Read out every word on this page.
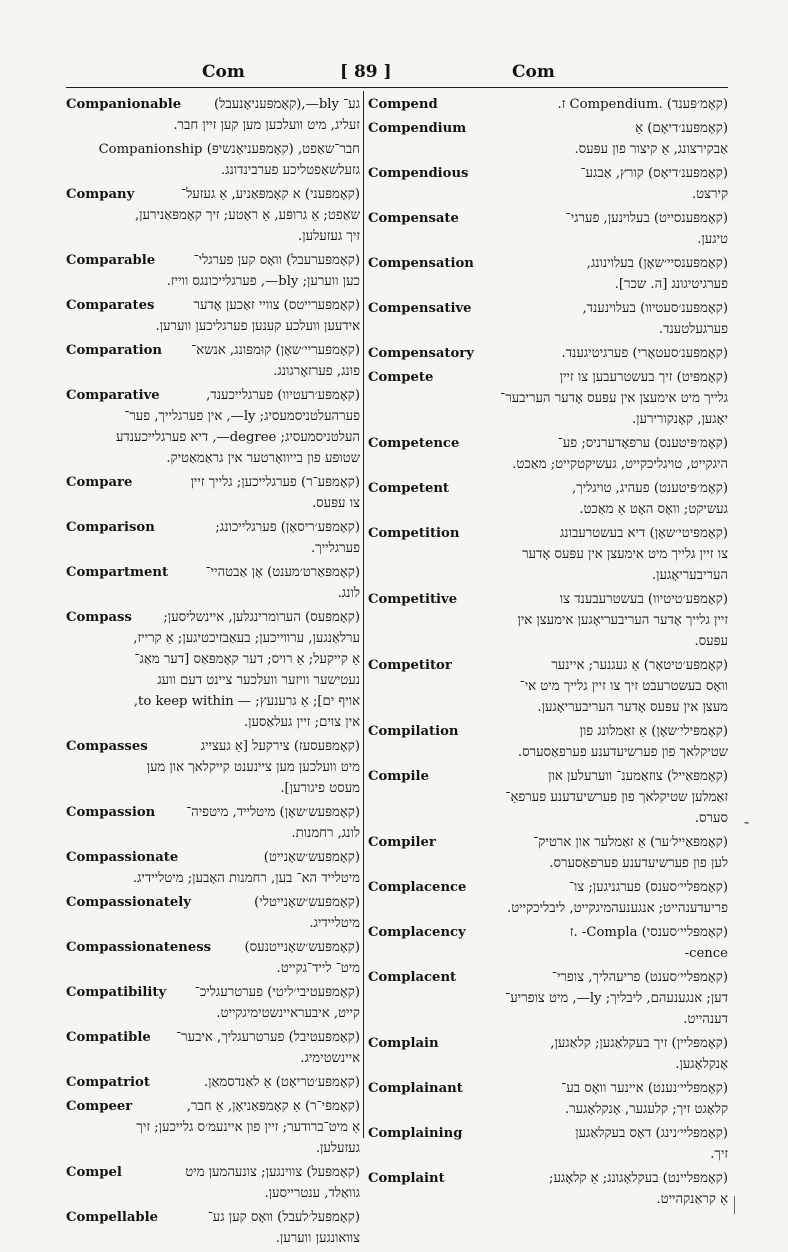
Com	[ 89 ]	Com
Companionable גע־ bly—,(קאָמפּעניאָנעבל)
זעליג, מיט וועלכען מען קען זיין חבר.
חבר־שאַפט, (קאָמפּעניאָנשיפּ) Companionship
גזעלשאַפטליכע פערבינדונג.
Company	(קאָמפּעני) א קאָמפּאַניע, אַ געזעל־
שאַפט; אַ גרופּע, אַ ראָטע; זיך קאָמפּאַנירען,
זיך געזעלען.
Comparable	(קאָמפּערעבל) וואָס קען פערגלי־
כען ווערען; bly—, פערגלייכונגס ווייז.
Comparates	(קאָמפּערייטס) צוויי זאַכען אָדער
אידעען וועלכע קענען פערגליכען ווערען.
Comparation (קאָמפּעריי׳שאָן) קוּמפּונג, אנשא־
פונג, פערזאָרגונג.
Comparative	(קאָמפּע׳רעטיוו) פערגלייכענד,
פערהעלטניסמעסיג; ly—, אין פערגלייך, פער־
העלטניסמעסיג; degree—, דיא פערגלייכענדע
שטופע פון בייוואָרטער אין גראַמאַטיק.
Compare	(קאָמפּע־ר) פערגלייכען; גלייך זיין
צו עפּעס.
Comparison	(קאָמפּע׳ריסאָן) פערגלייכונג;
פערגלייך.
Compartment	(קאָמפּאַרט׳מענט) אָן אַבטהיי־
לונג.
Compass (קאָמפּעס) הערומרינגלען, איינשליסען;
ערלאַנגען, ערווייכען; בעאַבזיכטיגען; אַ קרייז,
אַ קייקעל; אַ רויס; דער קאָמפּאַס [דער מאַג־
נעטישער וויזער וועלכער ציינט דעם וועג
אויף ים]; אַ גרענעץ; — to keep within,
אין צוים; זיין געלאַסען.
Compasses	(קאָמפּעסעז) צירקעל [אַ געצייג
מיט וועלכען מען ציינענט קייקלאך און מען
מעסט פיגורען].
Compassion (קאָמפּעש׳שאָן) מיטלייד, מיטפיה־
לונג, רחמנות.
Compassionate	(קאָמפּעש׳שאָנייט)
מיטלייד הא־ בען, רחמנות האָבען; מיטליידיג.
Compassionately	(קאָמפּעש׳שאָנייטלי)
מיטליידיג.
Compassionateness	(קאָמפּעש׳שאָנייטנעס)
מיט־ לייד־גקייט.
Compatibility (קאָמפּעטיבי׳ליטי) פערטרעגליכ־
קייט, איבעראיינשטימיגקייט.
Compatible (קאָמפּעטיבל) פערטרעגליך, איבער־
איינשטימיג.
Compatriot	(קאָמפּע׳טריאָט) אַ לאַנדסמאַן.
Compeer	(קאָמפּי־ר) אַ קאָמפּאַניאָן, אַ חבר,
אַ מיט־ברודער; זיין פון איינעמ׳ס גלייכען; זיך
געזעלען.
Compel	(קאָמפּעל) צווינגען; צונעהמען מיט
גוואַלד, ענטרייסען.
Compellable	(קאָמפּעל׳לעבל) וואָס קען גע־
צוואונגען ווערען.
Compend	(קאָמ׳פּענד) .Compendium ז.
Compendium	(קאָמפּענ׳דיאָם) אַ
אַבקירצונג, אַ קיצור פון עפּעס.
Compendious	(קאָמפּענ׳דיאָס) קורץ, אַבגע־
קירצט.
Compensate	(קאָמפּענסייט) בעלוינען, פערגי־
טיגען.
Compensation	(קאָמפּענסיי׳שאָן) בעלוינונג,
פערגיטיגונג [ה. שכר].
Compensative	(קאָמפּענ׳סעטיוו) בעלוינענד,
פערגעלטענד.
Compensatory	(קאָמפּענ׳סעטאָרי) פערגיטיגענד.
Compete	(קאָמפּיט) זיך בעשטרעבען צו זיין
גלייך מיט אימעצן אין עפּעס אָדער העריבער־
יאָגען, קאָנקורירען.
Competence	(קאָמ׳פּיטענס) ערפאָדערניס; פע־
היגקייט, טויגליכקייט, געשיקטקייט; מאַכט.
Competent	(קאָמ׳פּיטענט) פעהיג, טויגליך,
געשיקט; וואָס האָט אַ מאַכט.
Competition	(קאָמפּיטי׳שאָן) דיא בעשטרעבונג
צו זיין גלייך מיט אימעצן אין עפּעס אָדער
העריבעריאָגען.
Competitive	(קאָמפּע׳טיטיוו) בעשטרעבענד צו
זיין גלייך אָדער העריבעריאָגען אימעצן אין
עפּעס.
Competitor	(קאָמפּע׳טיטאָר) אַ געגנער; איינער
וואָס בעשטרעבט זיך צו זיין גלייך מיט אי־
מעצן אין עפּעס אָדער העריבעריאָגען.
Compilation	(קאָמפּילי׳שאָן) אַ זאַמלונג פון
שטיקלאך פון פערשיעדענע פערפאַסערס.
Compile	(קאָמפּאַייל) צוזאַמענ־ ווערעלען און
זאַמלען שטיקלאך פון פערשיעדענע פערפאַ־
סערס.
Compiler	(קאָמפּאַייל׳ער) אַ זאַמלער און ארטיק־
לען פון פערשיעדענע פערפאַסערס.
Complacence	(קאָמפּליי׳סענס) פערגניגען; צו־
פריעדענהייט; אנגענעהמיגקייט, ליבליכקייט.
Complacency	(קאָמפּליי׳סענסי) Compla- .ז
-cence
Complacent	(קאָמפּליי׳סענט) פריעהליך, צופרי־
דען; אנגענעהם, ליבליך; ly—, מיט צופריע־
דענהייט.
Complain	(קאָמפּליין) זיך בעקלאַגען; קלאַגען,
אָנקלאָגען.
Complainant	(קאָמפּליי׳נענט) איינער וואָס בע־
קלאָגט זיך; קלעגער, אָנקלאָגער.
Complaining	(קאָמפּליי׳נינג) דאָס בעקלאַגען
זיך.
Complaint	(קאָמפּליינט) בעקלאָגונג; אַ קלאָגע;
אַ קראַנקהייט.
-
